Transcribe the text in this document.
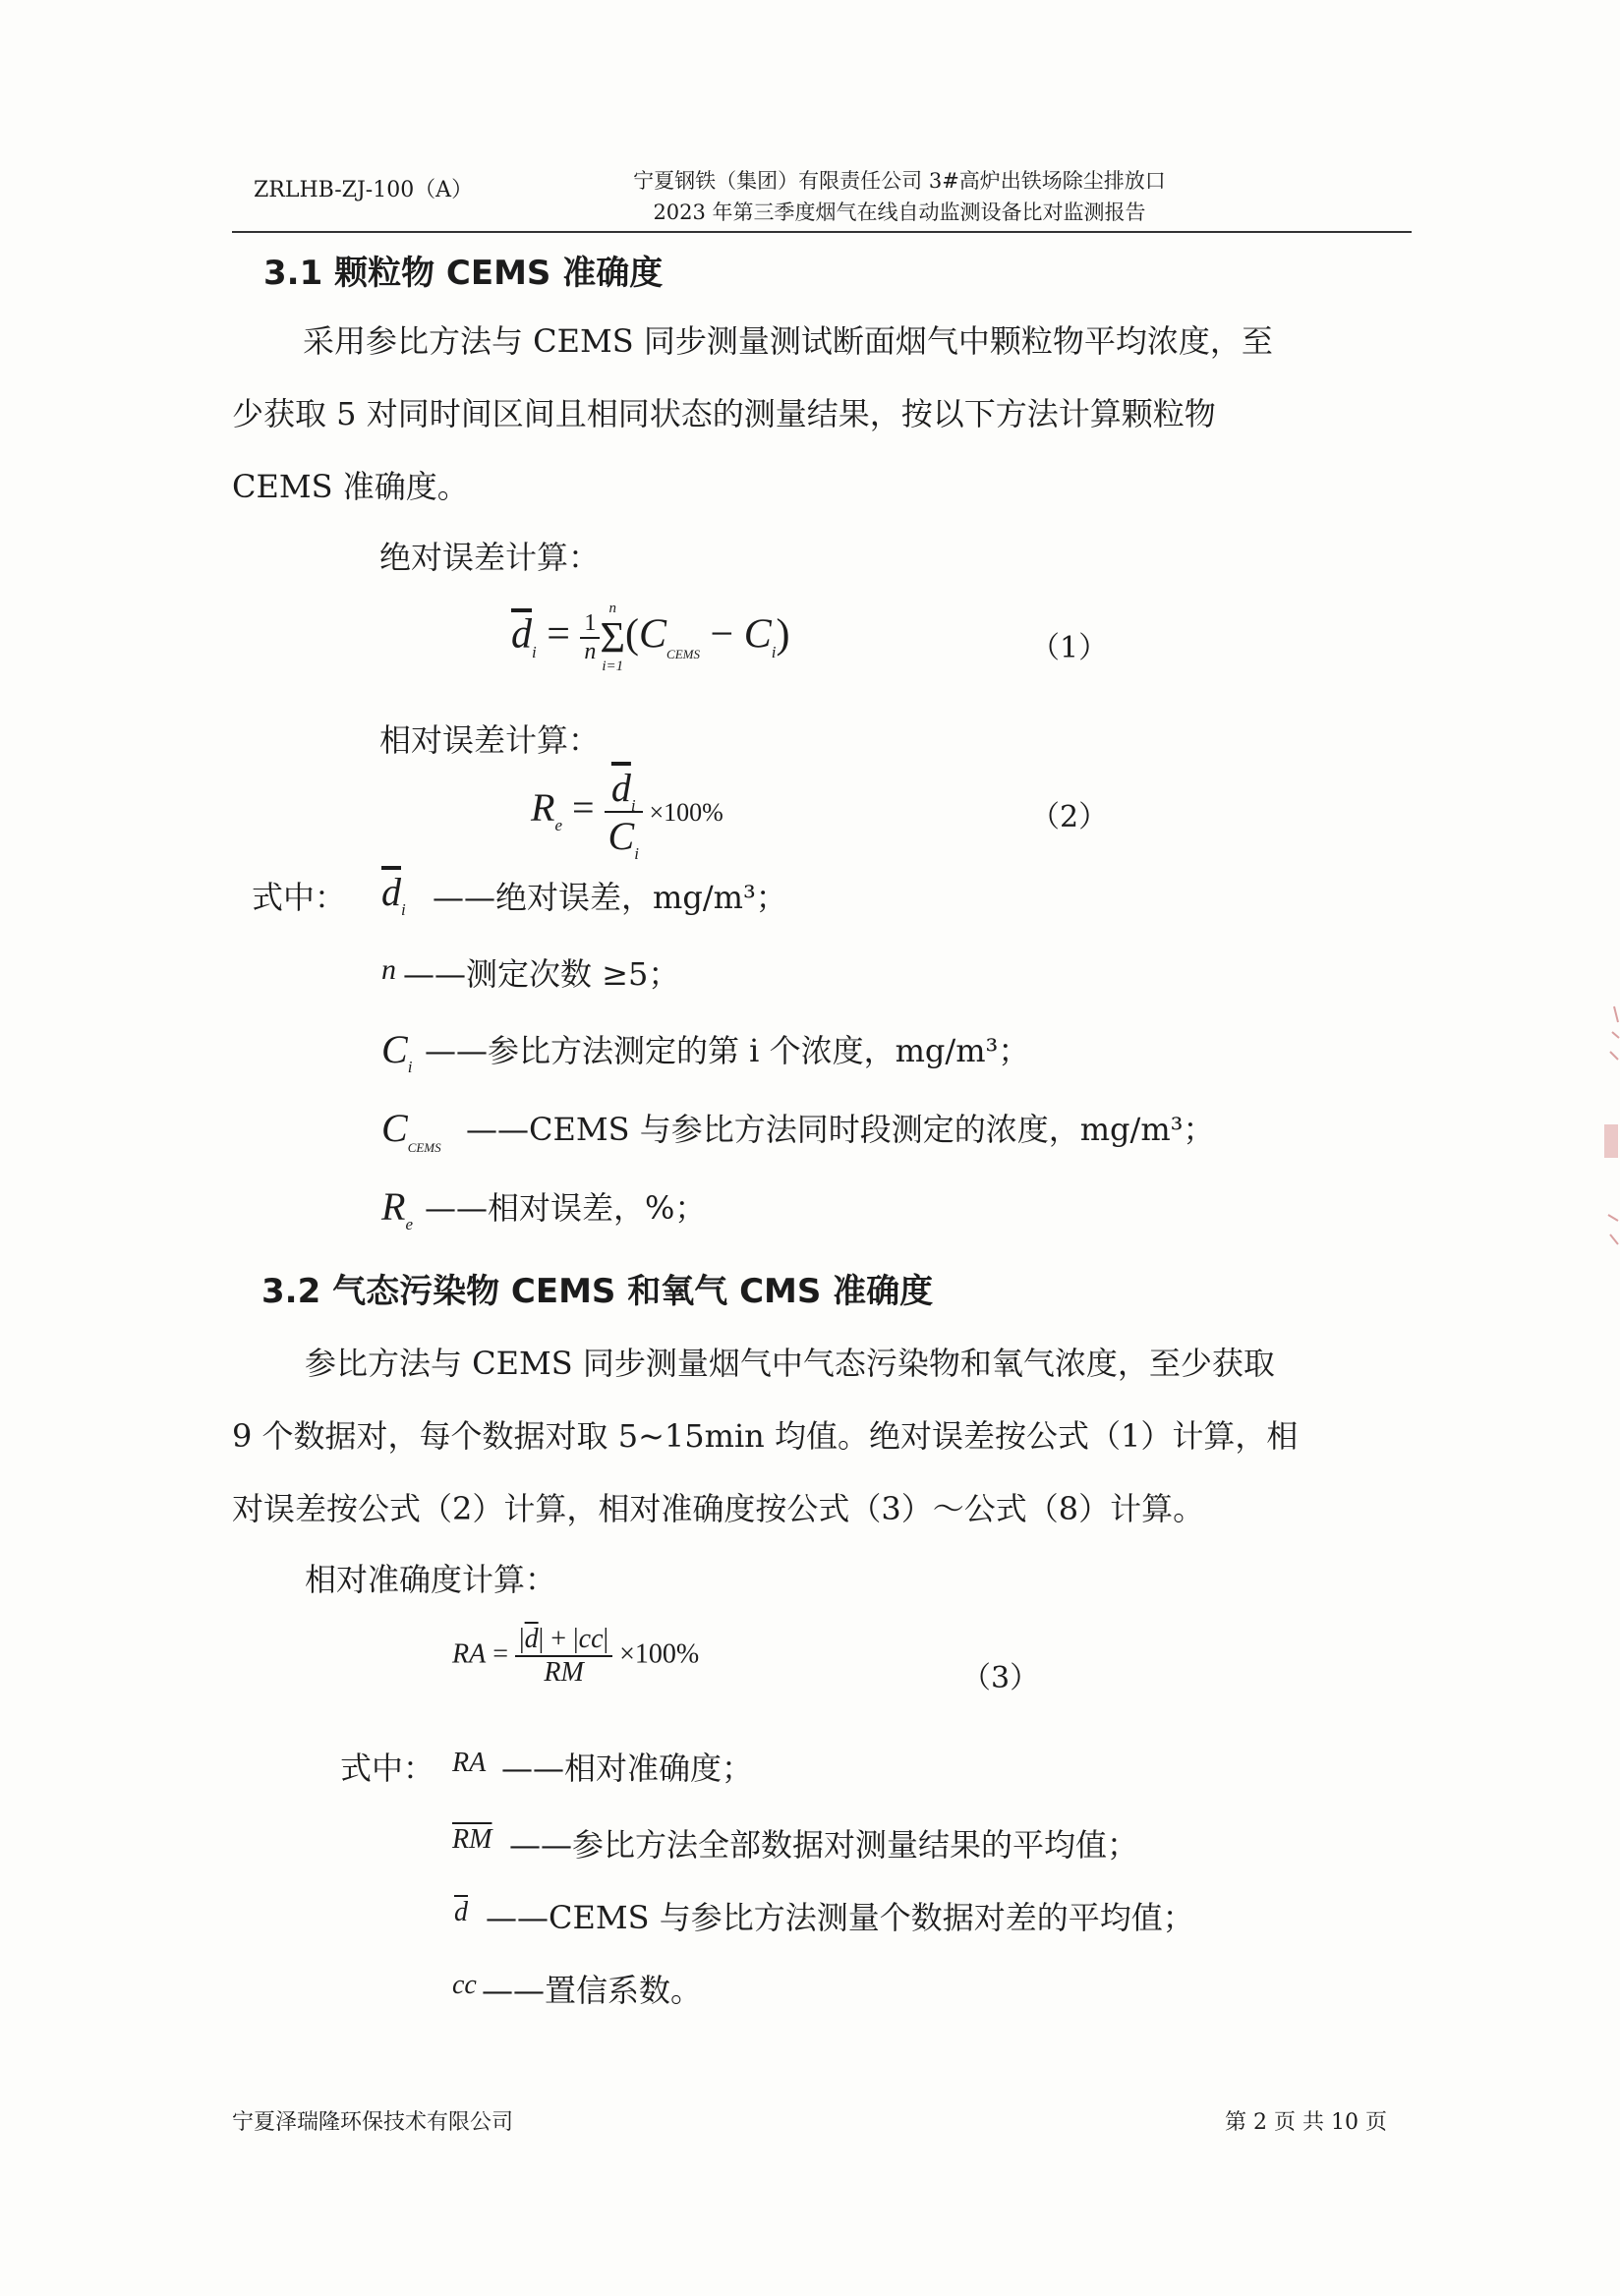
ZRLHB-ZJ-100（A）	宁夏钢铁（集团）有限责任公司 3#高炉出铁场除尘排放口
2023 年第三季度烟气在线自动监测设备比对监测报告
3.1 颗粒物 CEMS 准确度
采用参比方法与 CEMS 同步测量测试断面烟气中颗粒物平均浓度，至
少获取 5 对同时间区间且相同状态的测量结果，按以下方法计算颗粒物
CEMS 准确度。
绝对误差计算：
$\overline{d}_i = \frac{1}{n}$
n
Σ
i=1
$(C_{CEMS} - C_i)$	（1）
相对误差计算：
$R_e = \frac{\overline{d}_i}{C_i} \times 100\%$	（2）
式中： $\overline{d}_i$ ——绝对误差，mg/m³；
n ——测定次数 ≥5；
$C_i$ ——参比方法测定的第 i 个浓度，mg/m³；
$C_{CEMS}$ ——CEMS 与参比方法同时段测定的浓度，mg/m³；
$R_e$ ——相对误差，%；
3.2 气态污染物 CEMS 和氧气 CMS 准确度
参比方法与 CEMS 同步测量烟气中气态污染物和氧气浓度，至少获取
9 个数据对，每个数据对取 5~15min 均值。绝对误差按公式（1）计算，相
对误差按公式（2）计算，相对准确度按公式（3）～公式（8）计算。
相对准确度计算：
RA = $\frac{|\overline{d}| + |cc|}{RM} \times 100\%$
（3）
式中： RA ——相对准确度；
$\overline{RM}$ ——参比方法全部数据对测量结果的平均值；
$\overline{d}$ ——CEMS 与参比方法测量个数据对差的平均值；
cc ——置信系数。
宁夏泽瑞隆环保技术有限公司	第 2 页 共 10 页
